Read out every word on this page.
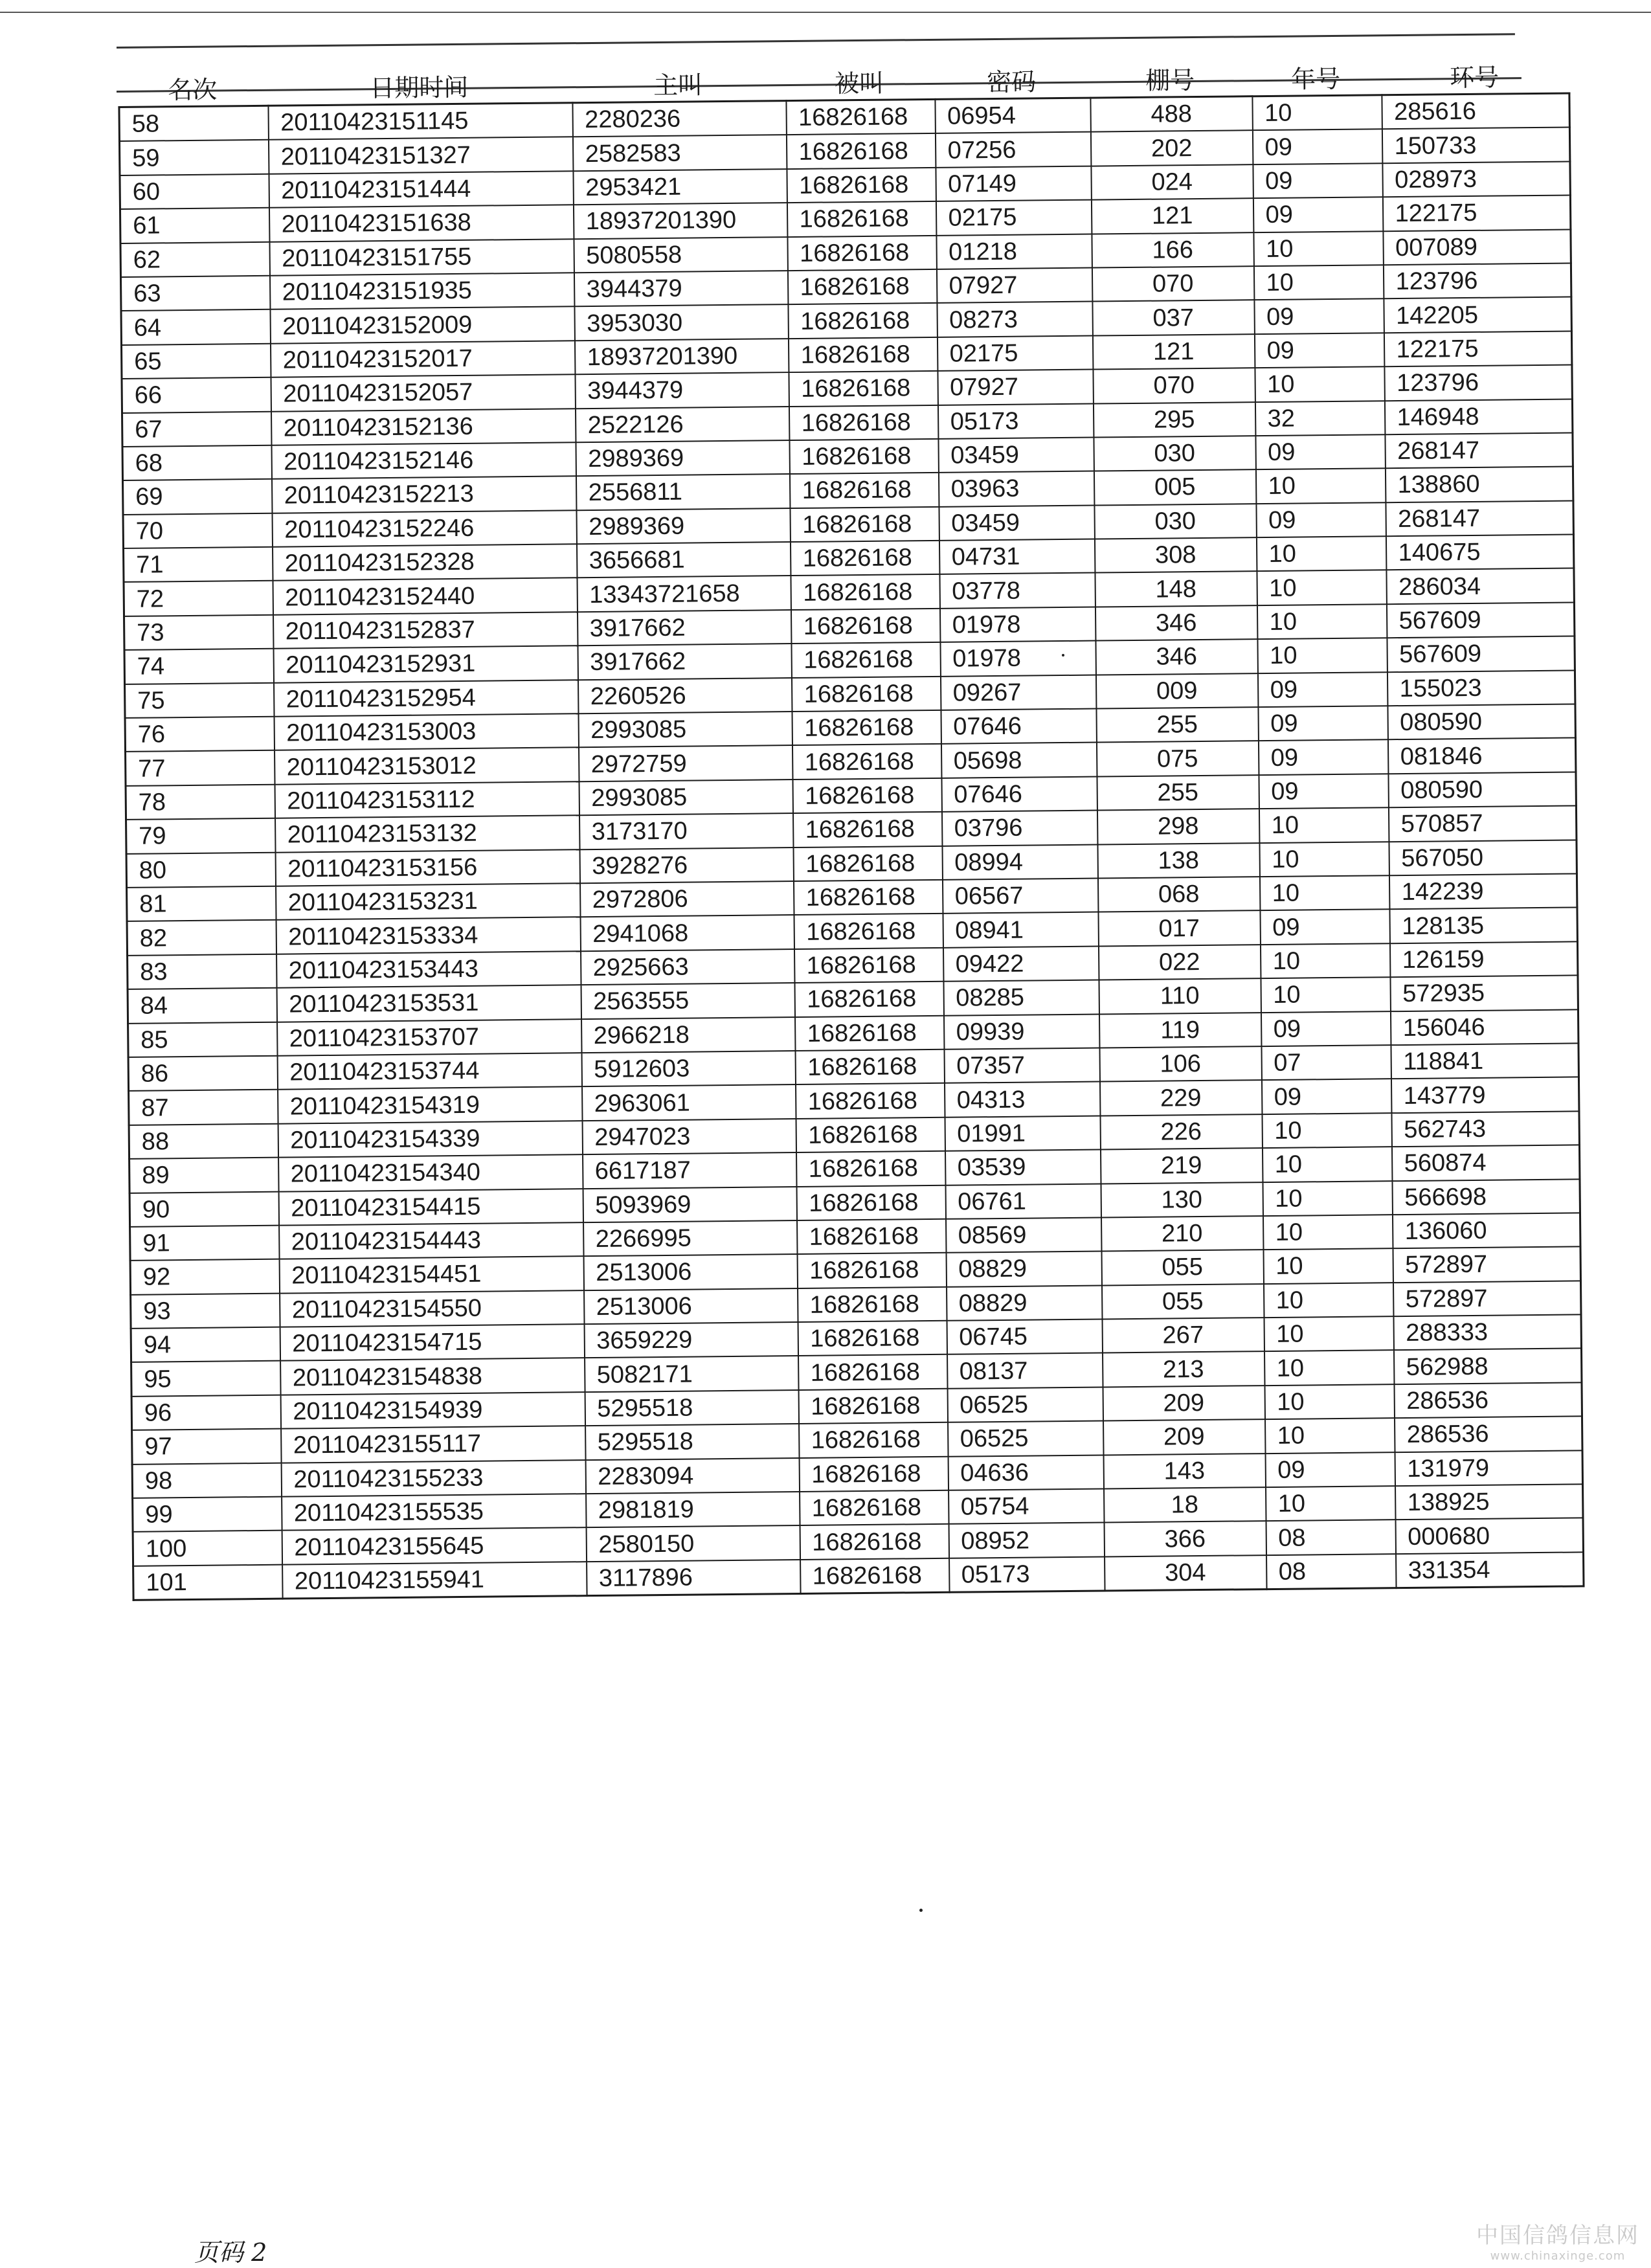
名次	日期时间	主叫	被叫	密码	棚号	年号	环号
58	20110423151145	2280236	16826168	06954	488	10	285616
59	20110423151327	2582583	16826168	07256	202	09	150733
60	20110423151444	2953421	16826168	07149	024	09	028973
61	20110423151638	18937201390	16826168	02175	121	09	122175
62	20110423151755	5080558	16826168	01218	166	10	007089
63	20110423151935	3944379	16826168	07927	070	10	123796
64	20110423152009	3953030	16826168	08273	037	09	142205
65	20110423152017	18937201390	16826168	02175	121	09	122175
66	20110423152057	3944379	16826168	07927	070	10	123796
67	20110423152136	2522126	16826168	05173	295	32	146948
68	20110423152146	2989369	16826168	03459	030	09	268147
69	20110423152213	2556811	16826168	03963	005	10	138860
70	20110423152246	2989369	16826168	03459	030	09	268147
71	20110423152328	3656681	16826168	04731	308	10	140675
72	20110423152440	13343721658	16826168	03778	148	10	286034
73	20110423152837	3917662	16826168	01978	346	10	567609
74	20110423152931	3917662	16826168	01978	346	10	567609
75	20110423152954	2260526	16826168	09267	009	09	155023
76	20110423153003	2993085	16826168	07646	255	09	080590
77	20110423153012	2972759	16826168	05698	075	09	081846
78	20110423153112	2993085	16826168	07646	255	09	080590
79	20110423153132	3173170	16826168	03796	298	10	570857
80	20110423153156	3928276	16826168	08994	138	10	567050
81	20110423153231	2972806	16826168	06567	068	10	142239
82	20110423153334	2941068	16826168	08941	017	09	128135
83	20110423153443	2925663	16826168	09422	022	10	126159
84	20110423153531	2563555	16826168	08285	110	10	572935
85	20110423153707	2966218	16826168	09939	119	09	156046
86	20110423153744	5912603	16826168	07357	106	07	118841
87	20110423154319	2963061	16826168	04313	229	09	143779
88	20110423154339	2947023	16826168	01991	226	10	562743
89	20110423154340	6617187	16826168	03539	219	10	560874
90	20110423154415	5093969	16826168	06761	130	10	566698
91	20110423154443	2266995	16826168	08569	210	10	136060
92	20110423154451	2513006	16826168	08829	055	10	572897
93	20110423154550	2513006	16826168	08829	055	10	572897
94	20110423154715	3659229	16826168	06745	267	10	288333
95	20110423154838	5082171	16826168	08137	213	10	562988
96	20110423154939	5295518	16826168	06525	209	10	286536
97	20110423155117	5295518	16826168	06525	209	10	286536
98	20110423155233	2283094	16826168	04636	143	09	131979
99	20110423155535	2981819	16826168	05754	18	10	138925
100	20110423155645	2580150	16826168	08952	366	08	000680
101	20110423155941	3117896	16826168	05173	304	08	331354
页码 2
中国信鸽信息网
www.chinaxinge.com
